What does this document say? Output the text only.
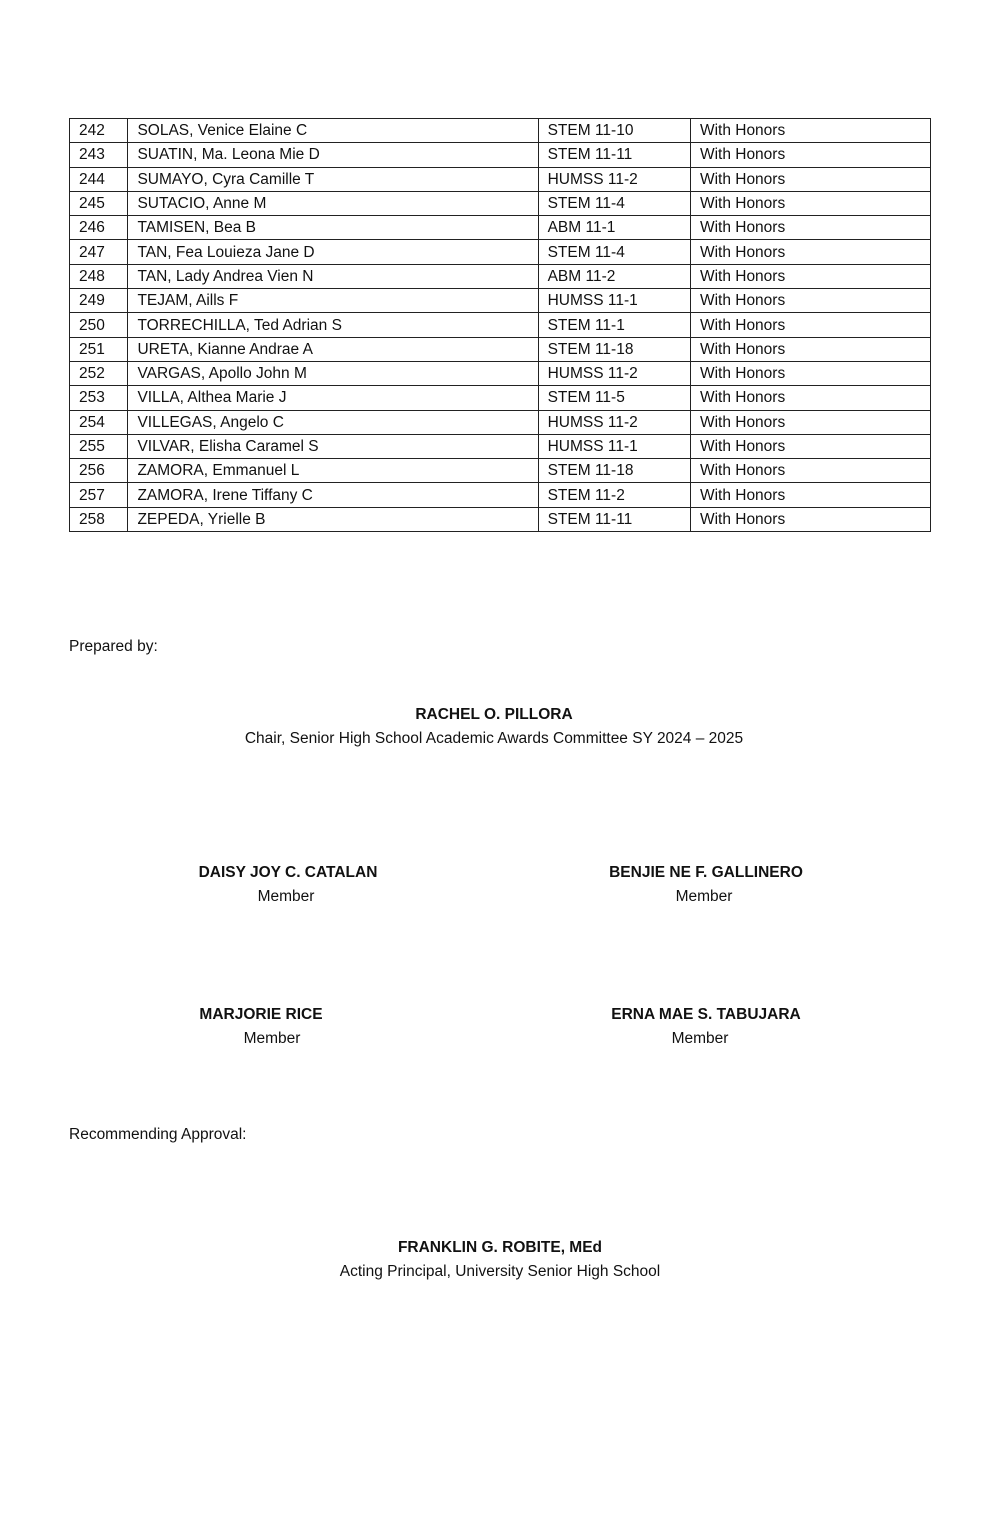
242	SOLAS, Venice Elaine C	STEM 11-10	With Honors
243	SUATIN, Ma. Leona Mie D	STEM 11-11	With Honors
244	SUMAYO, Cyra Camille T	HUMSS 11-2	With Honors
245	SUTACIO, Anne M	STEM 11-4	With Honors
246	TAMISEN, Bea B	ABM 11-1	With Honors
247	TAN, Fea Louieza Jane D	STEM 11-4	With Honors
248	TAN, Lady Andrea Vien N	ABM 11-2	With Honors
249	TEJAM, Aills F	HUMSS 11-1	With Honors
250	TORRECHILLA, Ted Adrian S	STEM 11-1	With Honors
251	URETA, Kianne Andrae A	STEM 11-18	With Honors
252	VARGAS, Apollo John M	HUMSS 11-2	With Honors
253	VILLA, Althea Marie J	STEM 11-5	With Honors
254	VILLEGAS, Angelo C	HUMSS 11-2	With Honors
255	VILVAR, Elisha Caramel S	HUMSS 11-1	With Honors
256	ZAMORA, Emmanuel L	STEM 11-18	With Honors
257	ZAMORA, Irene Tiffany C	STEM 11-2	With Honors
258	ZEPEDA, Yrielle B	STEM 11-11	With Honors
Prepared by:
RACHEL O. PILLORA
Chair, Senior High School Academic Awards Committee SY 2024 – 2025
DAISY JOY C. CATALAN
Member
BENJIE NE F. GALLINERO
Member
MARJORIE RICE
Member
ERNA MAE S. TABUJARA
Member
Recommending Approval:
FRANKLIN G. ROBITE, MEd
Acting Principal, University Senior High School
